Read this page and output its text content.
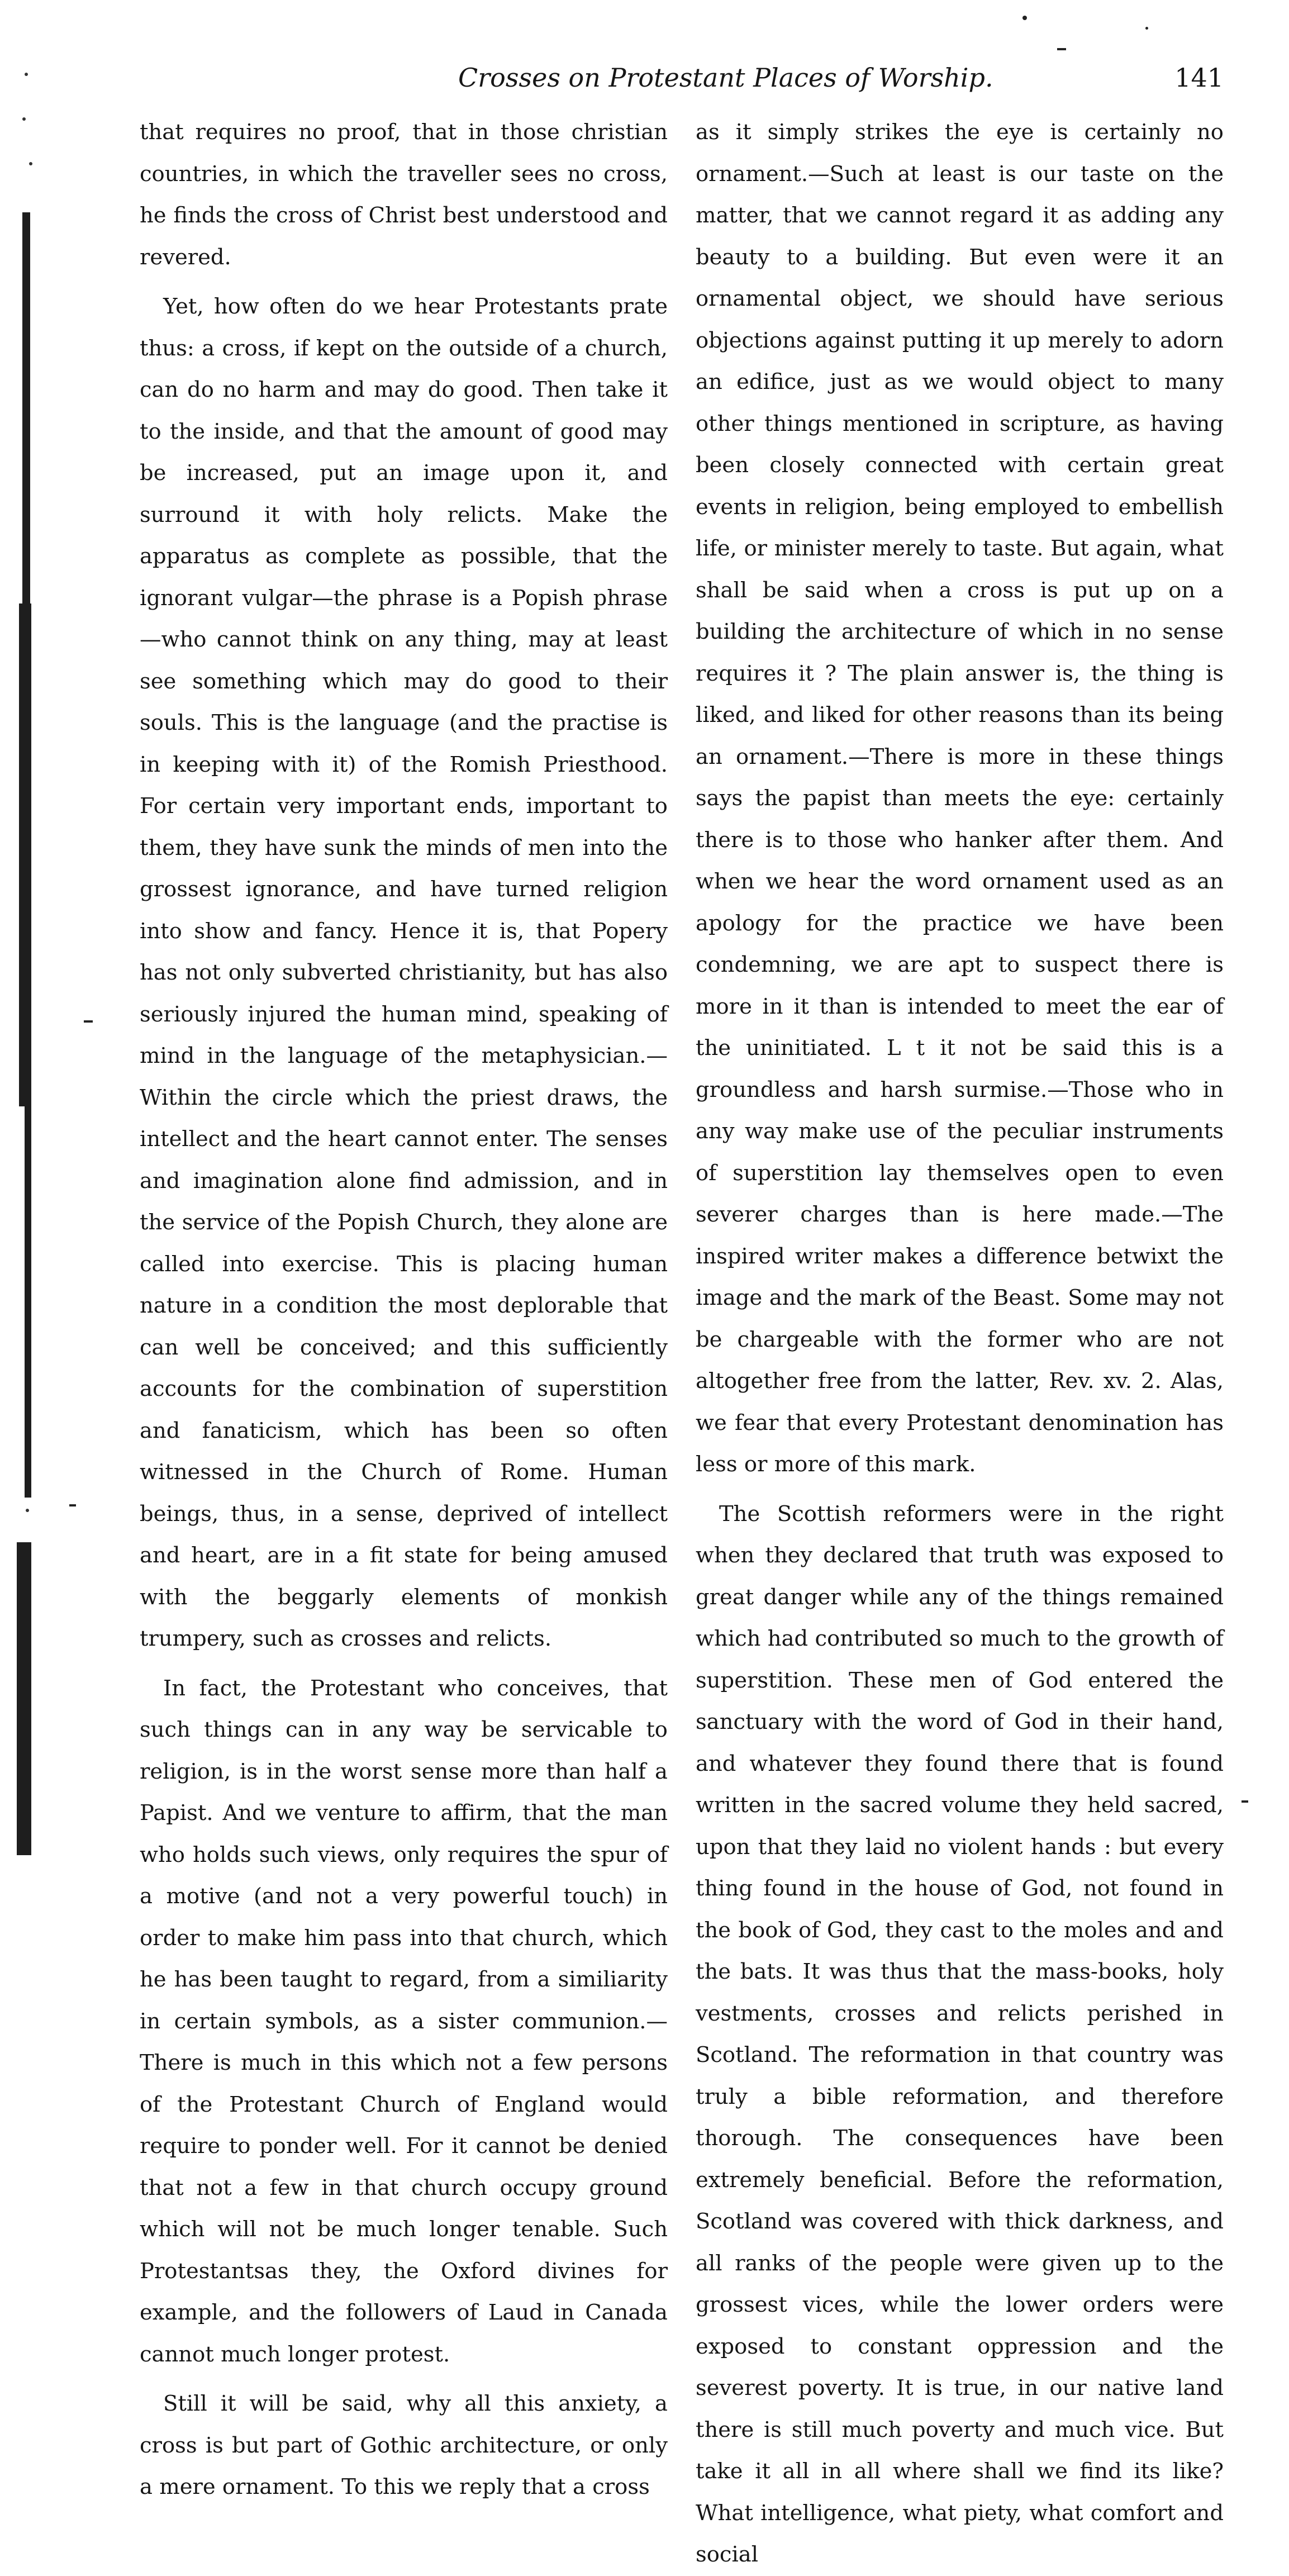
Crosses on Protestant Places of Worship.	141

that requires no proof, that in those christian countries, in which the traveller sees no cross, he finds the cross of Christ best understood and revered.

Yet, how often do we hear Protestants prate thus: a cross, if kept on the outside of a church, can do no harm and may do good. Then take it to the inside, and that the amount of good may be increased, put an image upon it, and surround it with holy relicts. Make the apparatus as complete as possible, that the ignorant vulgar—the phrase is a Popish phrase—who cannot think on any thing, may at least see something which may do good to their souls. This is the language (and the practise is in keeping with it) of the Romish Priesthood. For certain very important ends, important to them, they have sunk the minds of men into the grossest ignorance, and have turned religion into show and fancy. Hence it is, that Popery has not only subverted christianity, but has also seriously injured the human mind, speaking of mind in the language of the metaphysician.—Within the circle which the priest draws, the intellect and the heart cannot enter. The senses and imagination alone find admission, and in the service of the Popish Church, they alone are called into exercise. This is placing human nature in a condition the most deplorable that can well be conceived; and this sufficiently accounts for the combination of superstition and fanaticism, which has been so often witnessed in the Church of Rome. Human beings, thus, in a sense, deprived of intellect and heart, are in a fit state for being amused with the beggarly elements of monkish trumpery, such as crosses and relicts.

In fact, the Protestant who conceives, that such things can in any way be servicable to religion, is in the worst sense more than half a Papist. And we venture to affirm, that the man who holds such views, only requires the spur of a motive (and not a very powerful touch) in order to make him pass into that church, which he has been taught to regard, from a similiarity in certain symbols, as a sister communion.—There is much in this which not a few persons of the Protestant Church of England would require to ponder well. For it cannot be denied that not a few in that church occupy ground which will not be much longer tenable. Such Protestantsas they, the Oxford divines for example, and the followers of Laud in Canada cannot much longer protest.

Still it will be said, why all this anxiety, a cross is but part of Gothic architecture, or only a mere ornament. To this we reply that a cross

as it simply strikes the eye is certainly no ornament.—Such at least is our taste on the matter, that we cannot regard it as adding any beauty to a building. But even were it an ornamental object, we should have serious objections against putting it up merely to adorn an edifice, just as we would object to many other things mentioned in scripture, as having been closely connected with certain great events in religion, being employed to embellish life, or minister merely to taste. But again, what shall be said when a cross is put up on a building the architecture of which in no sense requires it ? The plain answer is, the thing is liked, and liked for other reasons than its being an ornament.—There is more in these things says the papist than meets the eye: certainly there is to those who hanker after them. And when we hear the word ornament used as an apology for the practice we have been condemning, we are apt to suspect there is more in it than is intended to meet the ear of the uninitiated. L t it not be said this is a groundless and harsh surmise.—Those who in any way make use of the peculiar instruments of superstition lay themselves open to even severer charges than is here made.—The inspired writer makes a difference betwixt the image and the mark of the Beast. Some may not be chargeable with the former who are not altogether free from the latter, Rev. xv. 2. Alas, we fear that every Protestant denomination has less or more of this mark.

The Scottish reformers were in the right when they declared that truth was exposed to great danger while any of the things remained which had contributed so much to the growth of superstition. These men of God entered the sanctuary with the word of God in their hand, and whatever they found there that is found written in the sacred volume they held sacred, upon that they laid no violent hands : but every thing found in the house of God, not found in the book of God, they cast to the moles and and the bats. It was thus that the mass-books, holy vestments, crosses and relicts perished in Scotland. The reformation in that country was truly a bible reformation, and therefore thorough. The consequences have been extremely beneficial. Before the reformation, Scotland was covered with thick darkness, and all ranks of the people were given up to the grossest vices, while the lower orders were exposed to constant oppression and the severest poverty. It is true, in our native land there is still much poverty and much vice. But take it all in all where shall we find its like? What intelligence, what piety, what comfort and social
